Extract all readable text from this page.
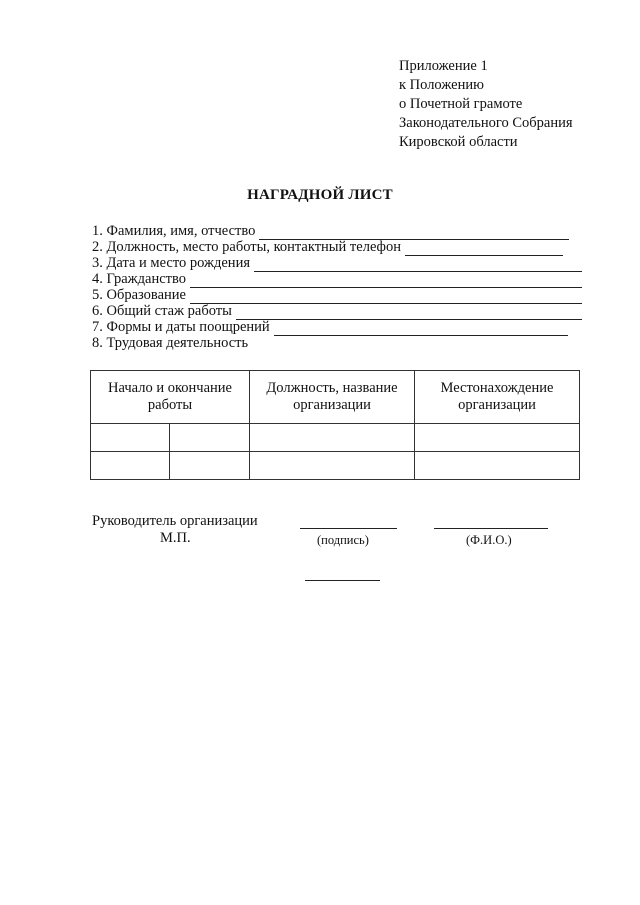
Приложение 1
к Положению
о Почетной грамоте
Законодательного Собрания
Кировской области
НАГРАДНОЙ ЛИСТ
1. Фамилия, имя, отчество
2. Должность, место работы, контактный телефон
3. Дата и место рождения
4. Гражданство
5. Образование
6. Общий стаж работы
7. Формы и даты поощрений
8. Трудовая деятельность
Начало и окончание работы		Должность, название организации	Местонахождение организации

Руководитель организации
М.П.	(подпись)	(Ф.И.О.)
